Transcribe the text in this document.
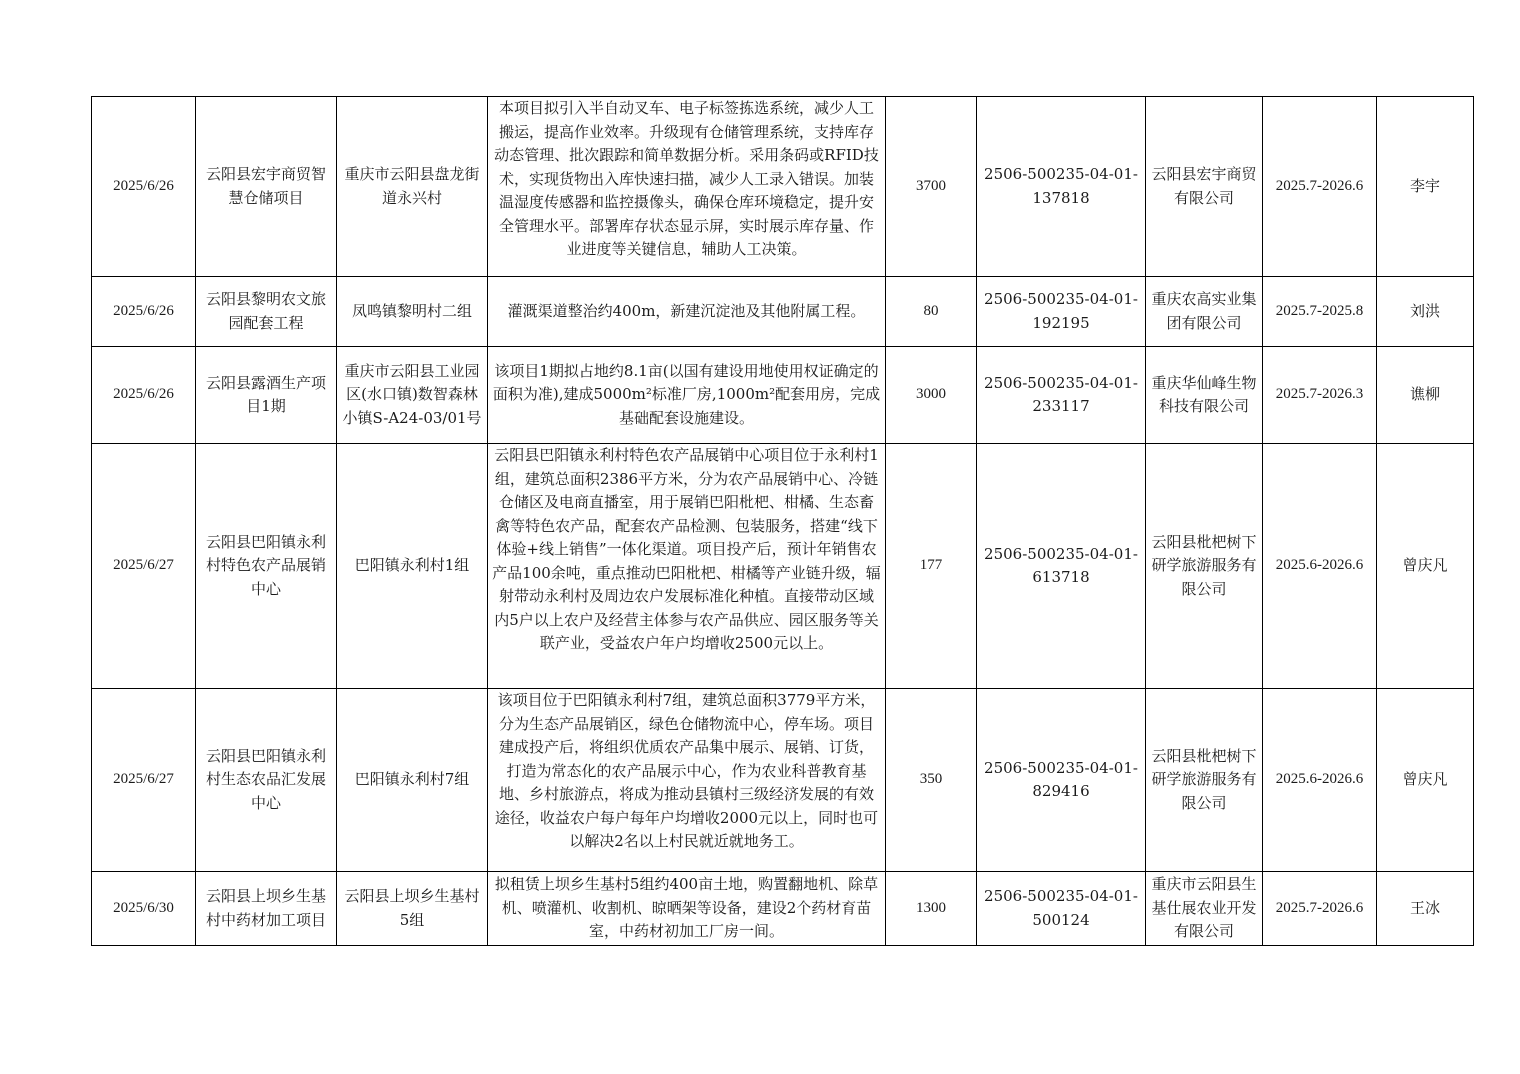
2025/6/26	云阳县宏宇商贸智慧仓储项目	重庆市云阳县盘龙街道永兴村	本项目拟引入半自动叉车、电子标签拣选系统，减少人工搬运，提高作业效率。升级现有仓储管理系统，支持库存动态管理、批次跟踪和简单数据分析。采用条码或RFID技术，实现货物出入库快速扫描，减少人工录入错误。加装温湿度传感器和监控摄像头，确保仓库环境稳定，提升安全管理水平。部署库存状态显示屏，实时展示库存量、作业进度等关键信息，辅助人工决策。	3700	2506-500235-04-01-137818	云阳县宏宇商贸有限公司	2025.7-2026.6	李宇

2025/6/26	云阳县黎明农文旅园配套工程	凤鸣镇黎明村二组	灌溉渠道整治约400m，新建沉淀池及其他附属工程。	80	2506-500235-04-01-192195	重庆农高实业集团有限公司	2025.7-2025.8	刘洪

2025/6/26	云阳县露酒生产项目1期	重庆市云阳县工业园区(水口镇)数智森林小镇S-A24-03/01号	该项目1期拟占地约8.1亩(以国有建设用地使用权证确定的面积为准),建成5000m²标准厂房,1000m²配套用房，完成基础配套设施建设。	3000	2506-500235-04-01-233117	重庆华仙峰生物科技有限公司	2025.7-2026.3	谯柳

2025/6/27	云阳县巴阳镇永利村特色农产品展销中心	巴阳镇永利村1组	云阳县巴阳镇永利村特色农产品展销中心项目位于永利村1组，建筑总面积2386平方米，分为农产品展销中心、冷链仓储区及电商直播室，用于展销巴阳枇杷、柑橘、生态畜禽等特色农产品，配套农产品检测、包装服务，搭建“线下体验+线上销售”一体化渠道。项目投产后，预计年销售农产品100余吨，重点推动巴阳枇杷、柑橘等产业链升级，辐射带动永利村及周边农户发展标准化种植。直接带动区域内5户以上农户及经营主体参与农产品供应、园区服务等关联产业，受益农户年户均增收2500元以上。	177	2506-500235-04-01-613718	云阳县枇杷树下研学旅游服务有限公司	2025.6-2026.6	曾庆凡

2025/6/27	云阳县巴阳镇永利村生态农品汇发展中心	巴阳镇永利村7组	该项目位于巴阳镇永利村7组，建筑总面积3779平方米，分为生态产品展销区，绿色仓储物流中心，停车场。项目建成投产后，将组织优质农产品集中展示、展销、订货，打造为常态化的农产品展示中心，作为农业科普教育基地、乡村旅游点，将成为推动县镇村三级经济发展的有效途径，收益农户每户每年户均增收2000元以上，同时也可以解决2名以上村民就近就地务工。	350	2506-500235-04-01-829416	云阳县枇杷树下研学旅游服务有限公司	2025.6-2026.6	曾庆凡

2025/6/30	云阳县上坝乡生基村中药材加工项目	云阳县上坝乡生基村5组	拟租赁上坝乡生基村5组约400亩土地，购置翻地机、除草机、喷灌机、收割机、晾晒架等设备，建设2个药材育苗室，中药材初加工厂房一间。	1300	2506-500235-04-01-500124	重庆市云阳县生基仕展农业开发有限公司	2025.7-2026.6	王冰
